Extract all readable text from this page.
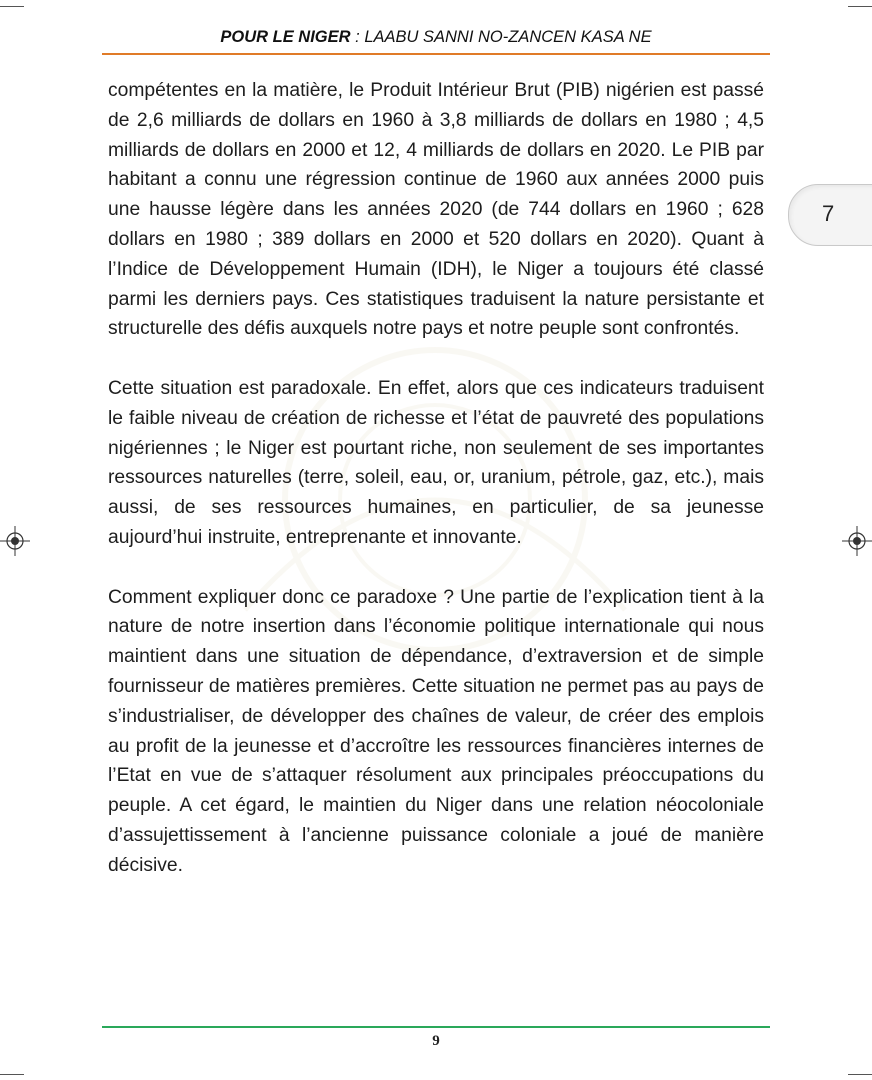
POUR LE NIGER : LAABU SANNI NO-ZANCEN KASA NE
7

compétentes en la matière, le Produit Intérieur Brut (PIB) nigérien est passé de 2,6 milliards de dollars en 1960 à 3,8 milliards de dollars en 1980 ; 4,5 milliards de dollars en 2000 et 12, 4 milliards de dollars en 2020. Le PIB par habitant a connu une régression continue de 1960 aux années 2000 puis une hausse légère dans les années 2020 (de 744 dollars en 1960 ; 628 dollars en 1980 ; 389 dollars en 2000 et 520 dollars en 2020). Quant à l’Indice de Développement Humain (IDH), le Niger a toujours été classé parmi les derniers pays. Ces statistiques traduisent la nature persistante et structurelle des défis auxquels notre pays et notre peuple sont confrontés.

Cette situation est paradoxale. En effet, alors que ces indicateurs traduisent le faible niveau de création de richesse et l’état de pauvreté des populations nigériennes ; le Niger est pourtant riche, non seulement de ses importantes ressources naturelles (terre, soleil, eau, or, uranium, pétrole, gaz, etc.), mais aussi, de ses ressources humaines, en particulier, de sa jeunesse aujourd’hui instruite, entreprenante et innovante.

Comment expliquer donc ce paradoxe ? Une partie de l’explication tient à la nature de notre insertion dans l’économie politique internationale qui nous maintient dans une situation de dépendance, d’extraversion et de simple fournisseur de matières premières. Cette situation ne permet pas au pays de s’industrialiser, de développer des chaînes de valeur, de créer des emplois au profit de la jeunesse et d’accroître les ressources financières internes de l’Etat en vue de s’attaquer résolument aux principales préoccupations du peuple. A cet égard, le maintien du Niger dans une relation néocoloniale d’assujettissement à l’ancienne puissance coloniale a joué de manière décisive.

9
